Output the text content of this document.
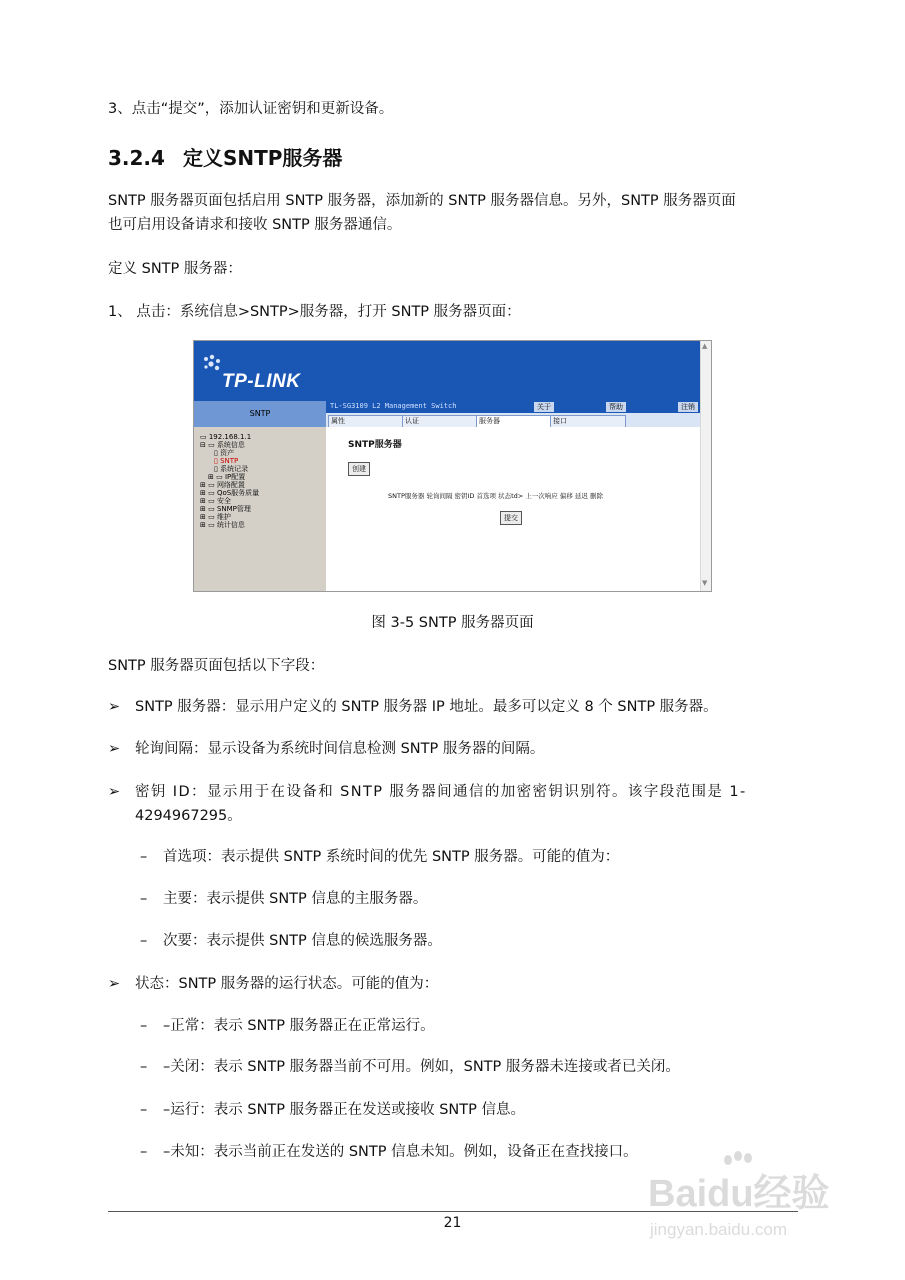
3、点击“提交”，添加认证密钥和更新设备。
3.2.4 定义SNTP服务器
SNTP 服务器页面包括启用 SNTP 服务器，添加新的 SNTP 服务器信息。另外，SNTP 服务器页面
也可启用设备请求和接收 SNTP 服务器通信。
定义 SNTP 服务器：
1、 点击：系统信息>SNTP>服务器，打开 SNTP 服务器页面：
TP-LINK
SNTP
TL-SG3109 L2 Management Switch	关于	帮助	注销
属性	认证	服务器	接口
▭ 192.168.1.1
⊟ ▭ 系统信息
▯ 资产
▯ SNTP
▯ 系统记录
⊞ ▭ IP配置
⊞ ▭ 网络配置
⊞ ▭ QoS服务质量
⊞ ▭ 安全
⊞ ▭ SNMP管理
⊞ ▭ 维护
⊞ ▭ 统计信息
SNTP服务器
创建
SNTP服务器 轮询间隔 密钥ID 首选项 状态td> 上一次响应 偏移 延迟 删除
提交
▲
▼
图 3-5 SNTP 服务器页面
SNTP 服务器页面包括以下字段：
➢ SNTP 服务器：显示用户定义的 SNTP 服务器 IP 地址。最多可以定义 8 个 SNTP 服务器。
➢ 轮询间隔：显示设备为系统时间信息检测 SNTP 服务器的间隔。
➢ 密钥 ID：显示用于在设备和 SNTP 服务器间通信的加密密钥识别符。该字段范围是 1-
4294967295。
– 首选项：表示提供 SNTP 系统时间的优先 SNTP 服务器。可能的值为：
– 主要：表示提供 SNTP 信息的主服务器。
– 次要：表示提供 SNTP 信息的候选服务器。
➢ 状态：SNTP 服务器的运行状态。可能的值为：
– –正常：表示 SNTP 服务器正在正常运行。
– –关闭：表示 SNTP 服务器当前不可用。例如，SNTP 服务器未连接或者已关闭。
– –运行：表示 SNTP 服务器正在发送或接收 SNTP 信息。
– –未知：表示当前正在发送的 SNTP 信息未知。例如，设备正在查找接口。
21
Baidu经验
jingyan.baidu.com
